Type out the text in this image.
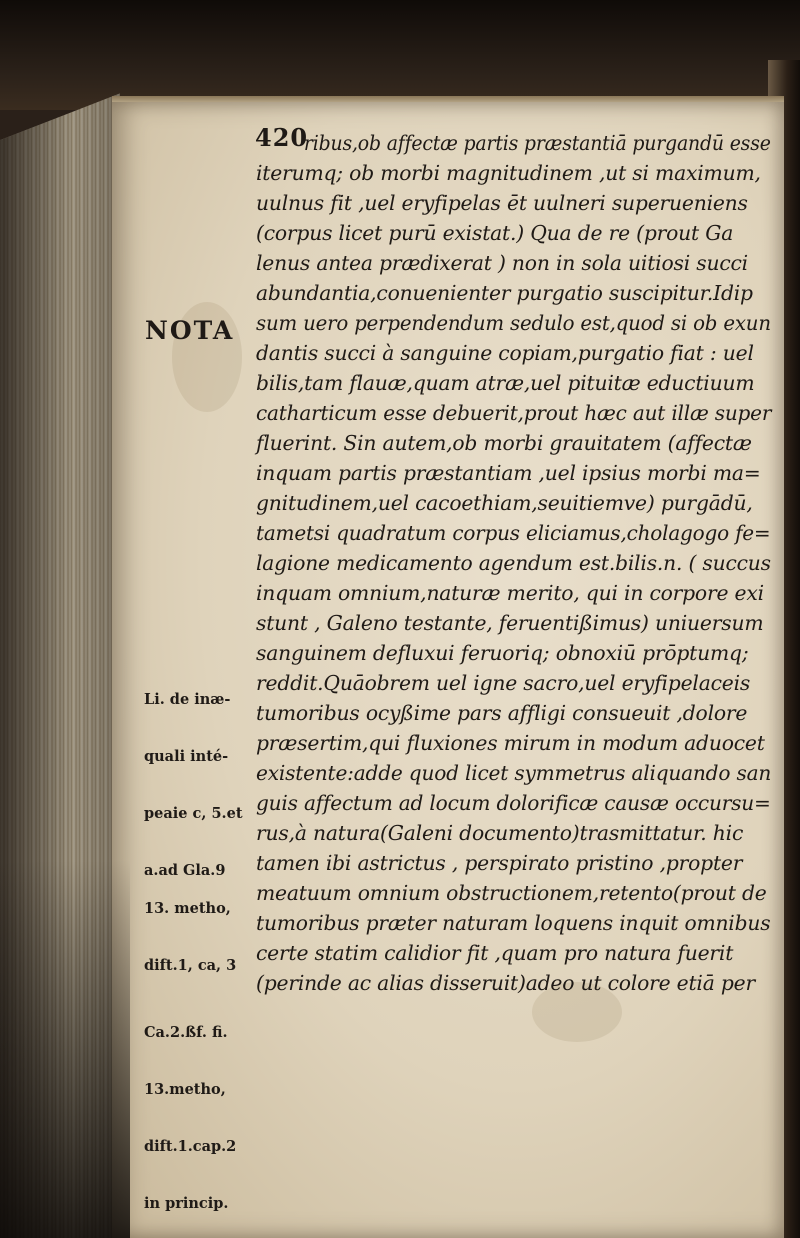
420
ribus,ob affectæ partis præstantiā purgandū esse
iterumq; ob morbi magnitudinem ,ut si maximum,
uulnus fit ,uel eryfipelas ēt uulneri superueniens
(corpus licet purū existat.) Qua de re (prout Ga
lenus antea prædixerat ) non in sola uitiosi succi
abundantia,conuenienter purgatio suscipitur.Idip
sum uero perpendendum sedulo est,quod si ob exun
dantis succi à sanguine copiam,purgatio fiat : uel
bilis,tam flauæ,quam atræ,uel pituitæ eductiuum
catharticum esse debuerit,prout hæc aut illæ super
fluerint. Sin autem,ob morbi grauitatem (affectæ
inquam partis præstantiam ,uel ipsius morbi ma=
gnitudinem,uel cacoethiam,seuitiemve) purgādū,
tametsi quadratum corpus eliciamus,cholagogo fe=
lagione medicamento agendum est.bilis.n. ( succus
inquam omnium,naturæ merito, qui in corpore exi
stunt , Galeno testante, feruentißimus) uniuersum
sanguinem defluxui feruoriq; obnoxiū prōptumq;
reddit.Quāobrem uel igne sacro,uel eryfipelaceis
tumoribus ocyßime pars affligi consueuit ,dolore
præsertim,qui fluxiones mirum in modum aduocet
existente:adde quod licet symmetrus aliquando san
guis affectum ad locum dolorificæ causæ occursu=
rus,à natura(Galeni documento)trasmittatur. hic
tamen ibi astrictus , perspirato pristino ,propter
meatuum omnium obstructionem,retento(prout de
tumoribus præter naturam loquens inquit omnibus
certe statim calidior fit ,quam pro natura fuerit
(perinde ac alias disseruit)adeo ut colore etiā per
NOTA

Li. de inæ-

quali inté-

peaie c, 5.et

a.ad Gla.9

13. metho,

dift.1, ca, 3

Ca.2.ßf. fi.

13.metho,

dift.1.cap.2

in princip.
